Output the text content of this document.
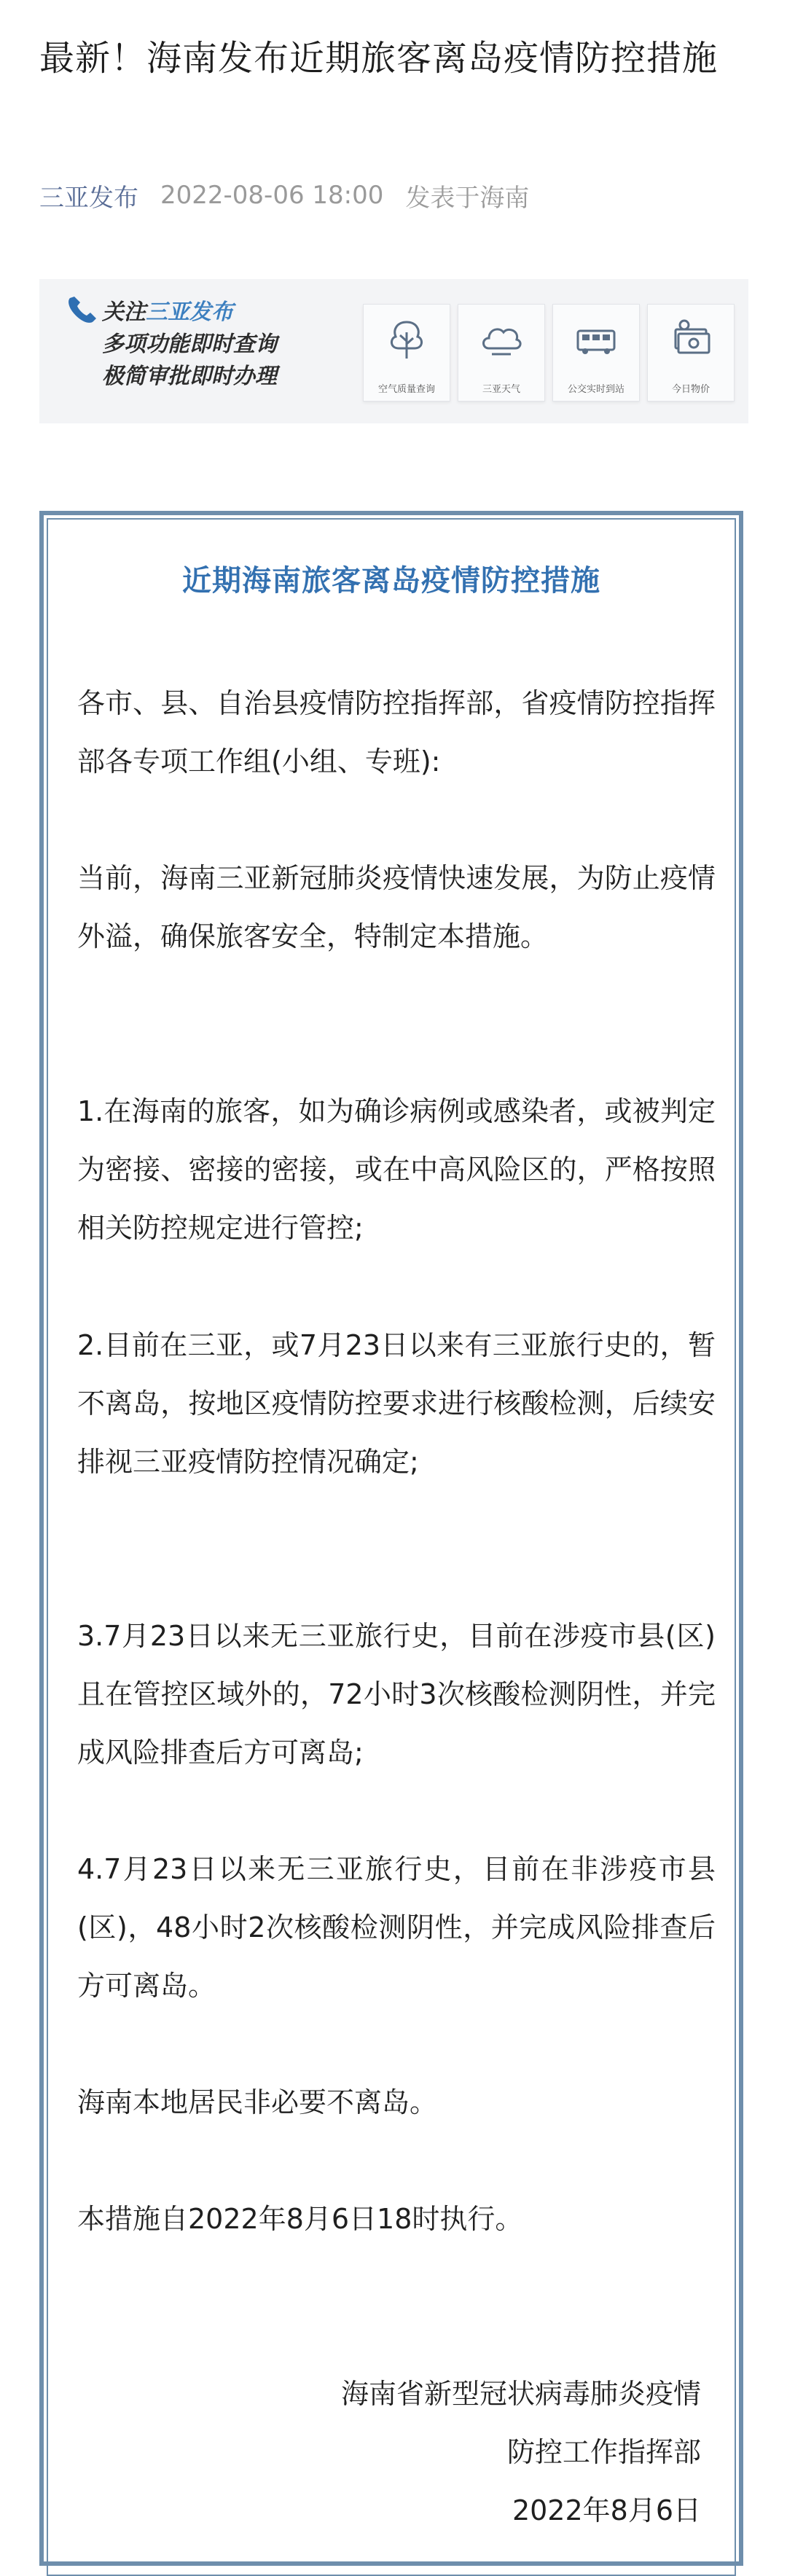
最新！海南发布近期旅客离岛疫情防控措施
三亚发布 2022-08-06 18:00 发表于海南
关注三亚发布
多项功能即时查询
极简审批即时办理
空气质量查询	三亚天气	公交实时到站	今日物价
近期海南旅客离岛疫情防控措施

各市、县、自治县疫情防控指挥部，省疫情防控指挥部各专项工作组(小组、专班):

当前，海南三亚新冠肺炎疫情快速发展，为防止疫情外溢，确保旅客安全，特制定本措施。

1.在海南的旅客，如为确诊病例或感染者，或被判定为密接、密接的密接，或在中高风险区的，严格按照相关防控规定进行管控;

2.目前在三亚，或7月23日以来有三亚旅行史的，暂不离岛，按地区疫情防控要求进行核酸检测，后续安排视三亚疫情防控情况确定;

3.7月23日以来无三亚旅行史，目前在涉疫市县(区)且在管控区域外的，72小时3次核酸检测阴性，并完成风险排查后方可离岛;

4.7月23日以来无三亚旅行史，目前在非涉疫市县(区)，48小时2次核酸检测阴性，并完成风险排查后方可离岛。

海南本地居民非必要不离岛。

本措施自2022年8月6日18时执行。

海南省新型冠状病毒肺炎疫情
防控工作指挥部
2022年8月6日
